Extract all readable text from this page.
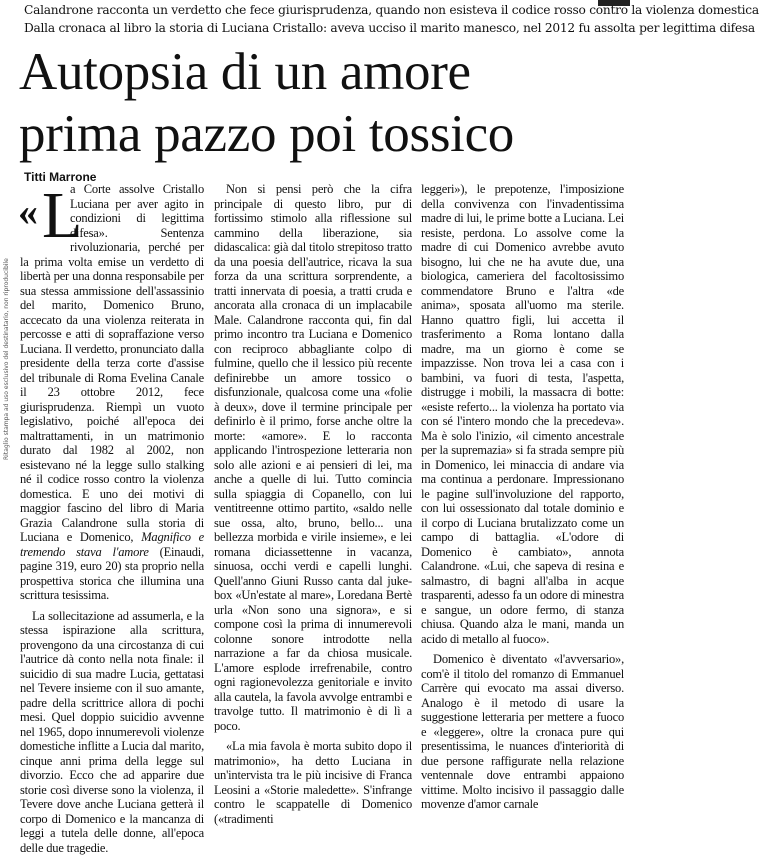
Ritaglio stampa ad uso esclusivo del destinatario, non riproducibile
Calandrone racconta un verdetto che fece giurisprudenza, quando non esisteva il codice rosso contro la violenza domestica
Dalla cronaca al libro la storia di Luciana Cristallo: aveva ucciso il marito manesco, nel 2012 fu assolta per legittima difesa
Autopsia di un amore
prima pazzo poi tossico
Titti Marrone
« L

a Corte assolve Cristallo Luciana per aver agito in condizioni di legittima difesa». Sentenza rivoluzionaria, perché per la prima volta emise un verdetto di libertà per una donna responsabile per sua stessa ammissione dell'assassinio del marito, Domenico Bruno, accecato da una violenza reiterata in percosse e atti di sopraffazione verso Luciana. Il verdetto, pronunciato dalla presidente della terza corte d'assise del tribunale di Roma Evelina Canale il 23 ottobre 2012, fece giurisprudenza. Riempì un vuoto legislativo, poiché all'epoca dei maltrattamenti, in un matrimonio durato dal 1982 al 2002, non esistevano né la legge sullo stalking né il codice rosso contro la violenza domestica. E uno dei motivi di maggior fascino del libro di Maria Grazia Calandrone sulla storia di Luciana e Domenico, Magnifico e tremendo stava l'amore (Einaudi, pagine 319, euro 20) sta proprio nella prospettiva storica che illumina una scrittura tesissima.

La sollecitazione ad assumerla, e la stessa ispirazione alla scrittura, provengono da una circostanza di cui l'autrice dà conto nella nota finale: il suicidio di sua madre Lucia, gettatasi nel Tevere insieme con il suo amante, padre della scrittrice allora di pochi mesi. Quel doppio suicidio avvenne nel 1965, dopo innumerevoli violenze domestiche inflitte a Lucia dal marito, cinque anni prima della legge sul divorzio. Ecco che ad apparire due storie così diverse sono la violenza, il Tevere dove anche Luciana getterà il corpo di Domenico e la mancanza di leggi a tutela delle donne, all'epoca delle due tragedie.

Non si pensi però che la cifra principale di questo libro, pur di fortissimo stimolo alla riflessione sul cammino della liberazione, sia didascalica: già dal titolo strepitoso tratto da una poesia dell'autrice, ricava la sua forza da una scrittura sorprendente, a tratti innervata di poesia, a tratti cruda e ancorata alla cronaca di un implacabile Male. Calandrone racconta qui, fin dal primo incontro tra Luciana e Domenico con reciproco abbagliante colpo di fulmine, quello che il lessico più recente definirebbe un amore tossico o disfunzionale, qualcosa come una «folie à deux», dove il termine principale per definirlo è il primo, forse anche oltre la morte: «amore». E lo racconta applicando l'introspezione letteraria non solo alle azioni e ai pensieri di lei, ma anche a quelle di lui. Tutto comincia sulla spiaggia di Copanello, con lui ventitreenne ottimo partito, «saldo nelle sue ossa, alto, bruno, bello... una bellezza morbida e virile insieme», e lei romana diciassettenne in vacanza, sinuosa, occhi verdi e capelli lunghi. Quell'anno Giuni Russo canta dal juke-box «Un'estate al mare», Loredana Bertè urla «Non sono una signora», e si compone così la prima di innumerevoli colonne sonore introdotte nella narrazione a far da chiosa musicale. L'amore esplode irrefrenabile, contro ogni ragionevolezza genitoriale e invito alla cautela, la favola avvolge entrambi e travolge tutto. Il matrimonio è di lì a poco.

«La mia favola è morta subito dopo il matrimonio», ha detto Luciana in un'intervista tra le più incisive di Franca Leosini a «Storie maledette». S'infrange contro le scappatelle di Domenico («tradimenti

leggeri»), le prepotenze, l'imposizione della convivenza con l'invadentissima madre di lui, le prime botte a Luciana. Lei resiste, perdona. Lo assolve come la madre di cui Domenico avrebbe avuto bisogno, lui che ne ha avute due, una biologica, cameriera del facoltosissimo commendatore Bruno e l'altra «de anima», sposata all'uomo ma sterile. Hanno quattro figli, lui accetta il trasferimento a Roma lontano dalla madre, ma un giorno è come se impazzisse. Non trova lei a casa con i bambini, va fuori di testa, l'aspetta, distrugge i mobili, la massacra di botte: «esiste referto... la violenza ha portato via con sé l'intero mondo che la precedeva». Ma è solo l'inizio, «il cimento ancestrale per la supremazia» si fa strada sempre più in Domenico, lei minaccia di andare via ma continua a perdonare. Impressionano le pagine sull'involuzione del rapporto, con lui ossessionato dal totale dominio e il corpo di Luciana brutalizzato come un campo di battaglia. «L'odore di Domenico è cambiato», annota Calandrone. «Lui, che sapeva di resina e salmastro, di bagni all'alba in acque trasparenti, adesso fa un odore di minestra e sangue, un odore fermo, di stanza chiusa. Quando alza le mani, manda un acido di metallo al fuoco».

Domenico è diventato «l'avversario», com'è il titolo del romanzo di Emmanuel Carrère qui evocato ma assai diverso. Analogo è il metodo di usare la suggestione letteraria per mettere a fuoco e «leggere», oltre la cronaca pure qui presentissima, le nuances d'interiorità di due persone raffigurate nella relazione ventennale dove entrambi appaiono vittime. Molto incisivo il passaggio dalle movenze d'amor carnale
